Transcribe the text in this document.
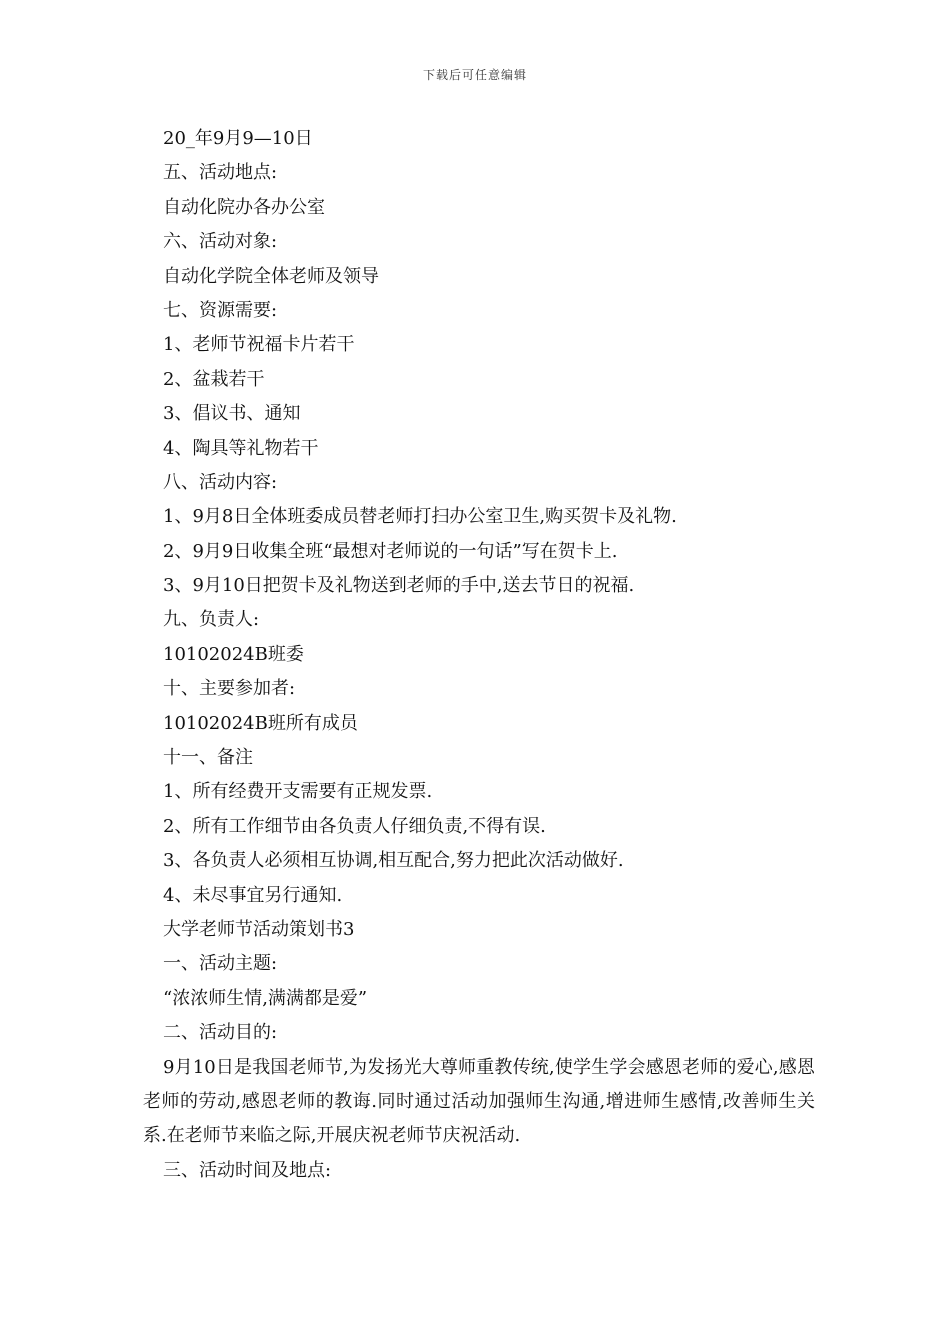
下载后可任意编辑
20_年9月9—10日
五、活动地点:
自动化院办各办公室
六、活动对象:
自动化学院全体老师及领导
七、资源需要:
1、老师节祝福卡片若干
2、盆栽若干
3、倡议书、通知
4、陶具等礼物若干
八、活动内容:
1、9月8日全体班委成员替老师打扫办公室卫生,购买贺卡及礼物.
2、9月9日收集全班“最想对老师说的一句话”写在贺卡上.
3、9月10日把贺卡及礼物送到老师的手中,送去节日的祝福.
九、负责人:
10102024B班委
十、主要参加者:
10102024B班所有成员
十一、备注
1、所有经费开支需要有正规发票.
2、所有工作细节由各负责人仔细负责,不得有误.
3、各负责人必须相互协调,相互配合,努力把此次活动做好.
4、未尽事宜另行通知.
大学老师节活动策划书3
一、活动主题:
“浓浓师生情,满满都是爱”
二、活动目的:
9月10日是我国老师节,为发扬光大尊师重教传统,使学生学会感恩老师的爱心,感恩老师的劳动,感恩老师的教诲.同时通过活动加强师生沟通,增进师生感情,改善师生关系.在老师节来临之际,开展庆祝老师节庆祝活动.
三、活动时间及地点:
